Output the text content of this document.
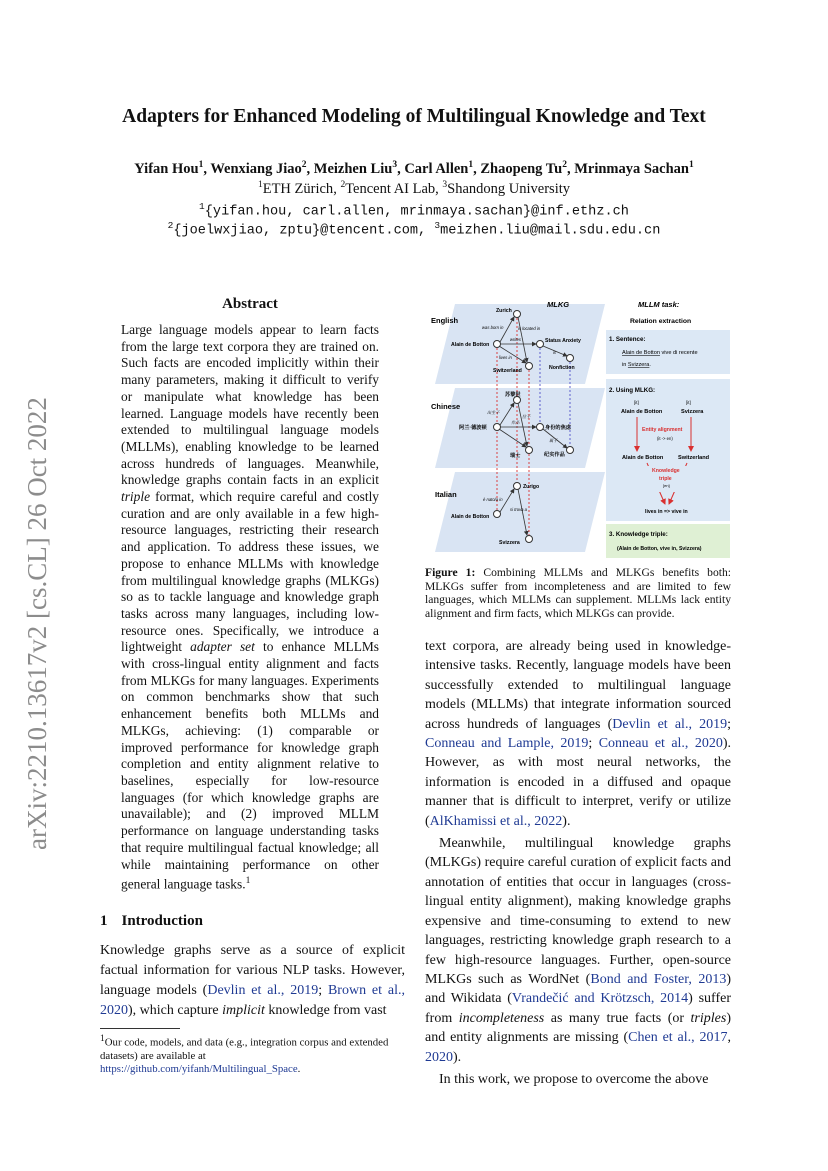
arXiv:2210.13617v2 [cs.CL] 26 Oct 2022
Adapters for Enhanced Modeling of Multilingual Knowledge and Text
Yifan Hou$^1$, Wenxiang Jiao$^2$, Meizhen Liu$^3$, Carl Allen$^1$, Zhaopeng Tu$^2$, Mrinmaya Sachan$^1$
$^1$ETH Zürich, $^2$Tencent AI Lab, $^3$Shandong University
$^1${yifan.hou, carl.allen, mrinmaya.sachan}@inf.ethz.ch
$^2${joelwxjiao, zptu}@tencent.com, $^3$meizhen.liu@mail.sdu.edu.cn
Abstract
Large language models appear to learn facts from the large text corpora they are trained on. Such facts are encoded implicitly within their many parameters, making it difficult to verify or manipulate what knowledge has been learned. Language models have recently been extended to multilingual language models (MLLMs), enabling knowledge to be learned across hundreds of languages. Meanwhile, knowledge graphs contain facts in an explicit triple format, which require careful and costly curation and are only available in a few high-resource languages, restricting their research and application. To address these issues, we propose to enhance MLLMs with knowledge from multilingual knowledge graphs (MLKGs) so as to tackle language and knowledge graph tasks across many languages, including low-resource ones. Specifically, we introduce a lightweight adapter set to enhance MLLMs with cross-lingual entity alignment and facts from MLKGs for many languages. Experiments on common benchmarks show that such enhancement benefits both MLLMs and MLKGs, achieving: (1) comparable or improved performance for knowledge graph completion and entity alignment relative to baselines, especially for low-resource languages (for which knowledge graphs are unavailable); and (2) improved MLLM performance on language understanding tasks that require multilingual factual knowledge; all while maintaining performance on other general language tasks.$^1$
1 Introduction
Knowledge graphs serve as a source of explicit factual information for various NLP tasks. However, language models (Devlin et al., 2019; Brown et al., 2020), which capture implicit knowledge from vast
$^1$Our code, models, and data (e.g., integration corpus and extended datasets) are available at https://github.com/yifanh/Multilingual_Space.
English
Chinese
Italian
MLKG
Zurich
Alain de Botton
Status Anxiety
Nonfiction
Switzerland
was born in	is located in
writes
lives in
is
苏黎世
阿兰·德波顿	身份的焦虑
纪实作品
瑞士
出生于
位于
作品
属于
Zurigo
Alain de Botton
Svizzera
è nato/a in
si trova a
MLLM task:
Relation extraction
1. Sentence:
Alain de Botton vive di recente
in Svizzera.
2. Using MLKG:
[it]	[it]
Alain de Botton	Svizzera
Entity alignment
(it -> en)
Alain de Botton	Switzerland
Knowledge
triple
[en]
lives in => vive in
3. Knowledge triple:
(Alain de Botton, vive in, Svizzera)
Figure 1: Combining MLLMs and MLKGs benefits both: MLKGs suffer from incompleteness and are limited to few languages, which MLLMs can supplement. MLLMs lack entity alignment and firm facts, which MLKGs can provide.

text corpora, are already being used in knowledge-intensive tasks. Recently, language models have been successfully extended to multilingual language models (MLLMs) that integrate information sourced across hundreds of languages (Devlin et al., 2019; Conneau and Lample, 2019; Conneau et al., 2020). However, as with most neural networks, the information is encoded in a diffused and opaque manner that is difficult to interpret, verify or utilize (AlKhamissi et al., 2022).

Meanwhile, multilingual knowledge graphs (MLKGs) require careful curation of explicit facts and annotation of entities that occur in languages (cross-lingual entity alignment), making knowledge graphs expensive and time-consuming to extend to new languages, restricting knowledge graph research to a few high-resource languages. Further, open-source MLKGs such as WordNet (Bond and Foster, 2013) and Wikidata (Vrandečić and Krötzsch, 2014) suffer from incompleteness as many true facts (or triples) and entity alignments are missing (Chen et al., 2017, 2020).

In this work, we propose to overcome the above
